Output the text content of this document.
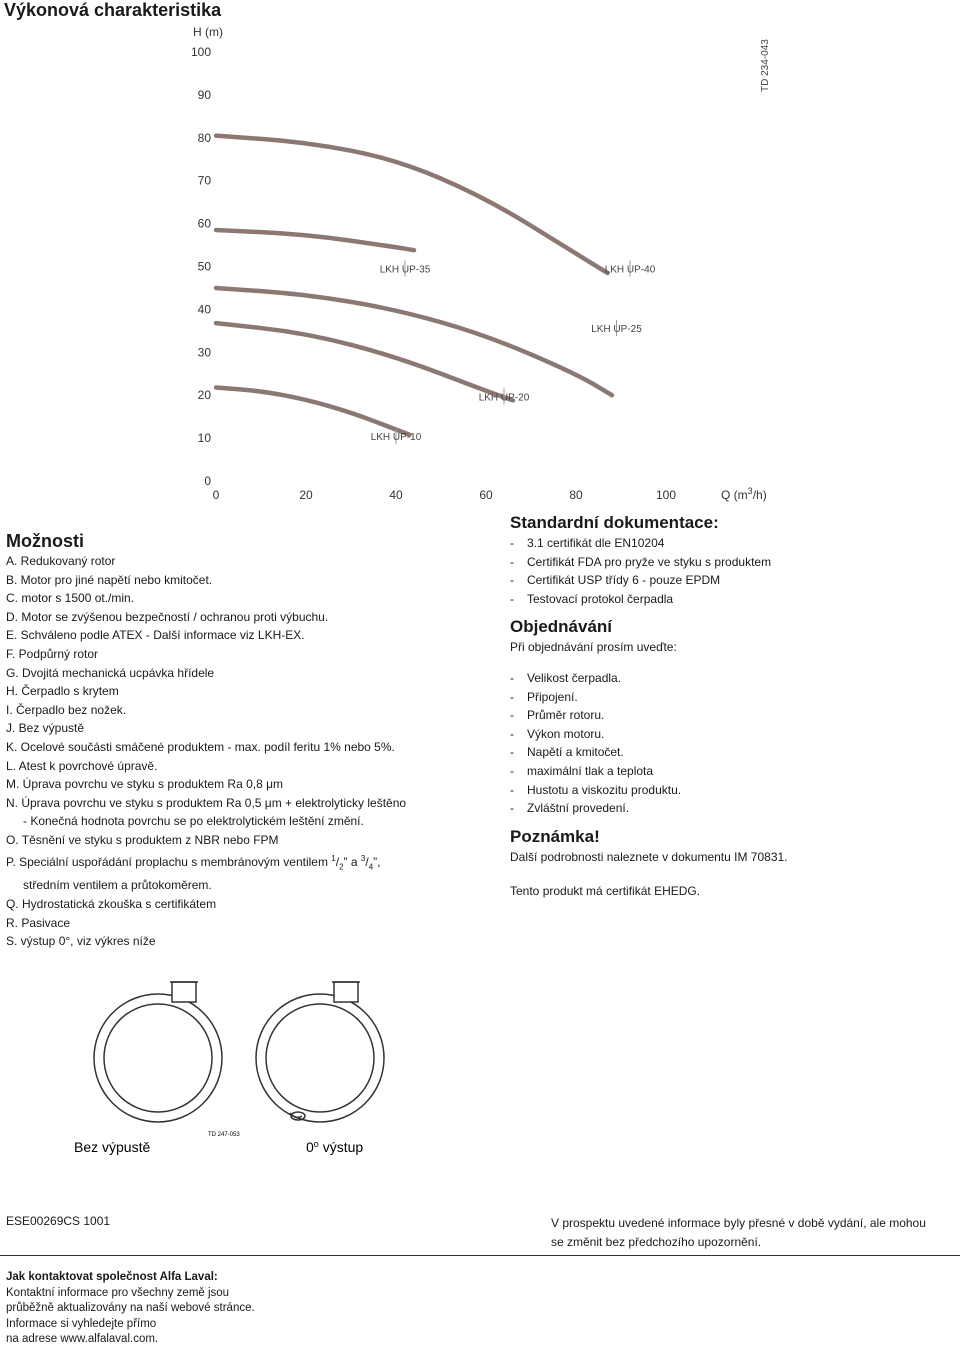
Výkonová charakteristika
H (m)
0
10
20
30
40
50
60
70
80
90
100
0	20	40	60	80	100	Q $(m^3/h)$
TD 234-043
LKH UP-10
LKH UP-20
LKH UP-25
LKH UP-35	LKH UP-40
Možnosti
A. Redukovaný rotor
B. Motor pro jiné napětí nebo kmitočet.
C. motor s 1500 ot./min.
D. Motor se zvýšenou bezpečností / ochranou proti výbuchu.
E. Schváleno podle ATEX - Další informace viz LKH-EX.
F. Podpůrný rotor
G. Dvojitá mechanická ucpávka hřídele
H. Čerpadlo s krytem
I. Čerpadlo bez nožek.
J. Bez výpustě
K. Ocelové součásti smáčené produktem - max. podíl feritu 1% nebo 5%.
L. Atest k povrchové úpravě.
M. Úprava povrchu ve styku s produktem Ra 0,8 μm
N. Úprava povrchu ve styku s produktem Ra 0,5 μm + elektrolyticky leštěno
- Konečná hodnota povrchu se po elektrolytickém leštění změní.
O. Těsnění ve styku s produktem z NBR nebo FPM
P. Speciální uspořádání proplachu s membránovým ventilem $^1/_2$” a $^3/_4$”,
středním ventilem a průtokoměrem.
Q. Hydrostatická zkouška s certifikátem
R. Pasivace
S. výstup 0°, viz výkres níže
Standardní dokumentace:
- 3.1 certifikát dle EN10204
- Certifikát FDA pro pryže ve styku s produktem
- Certifikát USP třídy 6 - pouze EPDM
- Testovací protokol čerpadla
Objednávání
Při objednávání prosím uveďte:
- Velikost čerpadla.
- Připojení.
- Průměr rotoru.
- Výkon motoru.
- Napětí a kmitočet.
- maximální tlak a teplota
- Hustotu a viskozitu produktu.
- Zvláštní provedení.
Poznámka!
Další podrobnosti naleznete v dokumentu IM 70831.
Tento produkt má certifikát EHEDG.
Bez výpustě
TD 247-053
0$^o$ výstup
ESE00269CS 1001	V prospektu uvedené informace byly přesné v době vydání, ale mohou
se změnit bez předchozího upozornění.
Jak kontaktovat společnost Alfa Laval:
Kontaktní informace pro všechny země jsou
průběžně aktualizovány na naší webové stránce.
Informace si vyhledejte přímo
na adrese www.alfalaval.com.
